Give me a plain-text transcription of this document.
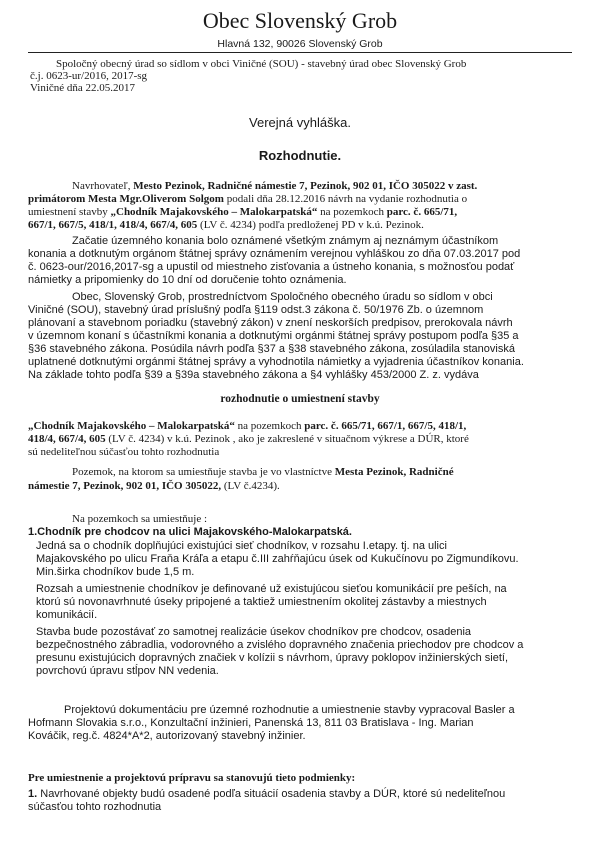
Obec Slovenský Grob
Hlavná 132, 90026 Slovenský Grob
Spoločný obecný úrad so sídlom v obci Viničné (SOU) - stavebný úrad obec Slovenský Grob
č.j. 0623-ur/2016, 2017-sg
Viničné dňa 22.05.2017
Verejná vyhláška.
Rozhodnutie.
Navrhovateľ, Mesto Pezinok, Radničné námestie 7, Pezinok, 902 01, IČO 305022 v zast.
primátorom Mesta Mgr.Oliverom Solgom podali dňa 28.12.2016 návrh na vydanie rozhodnutia o
umiestnení stavby „Chodník Majakovského – Malokarpatská“ na pozemkoch parc. č. 665/71,
667/1, 667/5, 418/1, 418/4, 667/4, 605 (LV č. 4234) podľa predloženej PD v k.ú. Pezinok.
Začatie územného konania bolo oznámené všetkým známym aj neznámym účastníkom
konania a dotknutým orgánom štátnej správy oznámením verejnou vyhláškou zo dňa 07.03.2017 pod
č. 0623-our/2016,2017-sg a upustil od miestneho zisťovania a ústneho konania, s možnosťou podať
námietky a pripomienky do 10 dní od doručenie tohto oznámenia.
Obec, Slovenský Grob, prostredníctvom Spoločného obecného úradu so sídlom v obci
Viničné (SOU), stavebný úrad príslušný podľa §119 odst.3 zákona č. 50/1976 Zb. o územnom
plánovaní a stavebnom poriadku (stavebný zákon) v znení neskorších predpisov, prerokovala návrh
v územnom konaní s účastníkmi konania a dotknutými orgánmi štátnej správy postupom podľa §35 a
§36 stavebného zákona. Posúdila návrh podľa §37 a §38 stavebného zákona, zosúladila stanoviská
uplatnené dotknutými orgánmi štátnej správy a vyhodnotila námietky a vyjadrenia účastníkov konania.
Na základe tohto podľa §39 a §39a stavebného zákona a §4 vyhlášky 453/2000 Z. z. vydáva
rozhodnutie o umiestnení stavby
„Chodník Majakovského – Malokarpatská“ na pozemkoch parc. č. 665/71, 667/1, 667/5, 418/1,
418/4, 667/4, 605 (LV č. 4234) v k.ú. Pezinok , ako je zakreslené v situačnom výkrese a DÚR, ktoré
sú nedeliteľnou súčasťou tohto rozhodnutia
Pozemok, na ktorom sa umiestňuje stavba je vo vlastníctve Mesta Pezinok, Radničné
námestie 7, Pezinok, 902 01, IČO 305022, (LV č.4234).
Na pozemkoch sa umiestňuje :
1.Chodník pre chodcov na ulici Majakovského-Malokarpatská.
Jedná sa o chodník doplňujúci existujúci sieť chodníkov, v rozsahu I.etapy. tj. na ulici
Majakovského po ulicu Fraňa Kráľa a etapu č.III zahŕňajúcu úsek od Kukučínovu po Zigmundíkovu.
Min.širka chodníkov bude 1,5 m.
Rozsah a umiestnenie chodníkov je definované už existujúcou sieťou komunikácií pre peších, na
ktorú sú novonavrhnuté úseky pripojené a taktiež umiestnením okolitej zástavby a miestnych
komunikácií.
Stavba bude pozostávať zo samotnej realizácie úsekov chodníkov pre chodcov, osadenia
bezpečnostného zábradlia, vodorovného a zvislého dopravného značenia priechodov pre chodcov a
presunu existujúcich dopravných značiek v kolízii s návrhom, úpravy poklopov inžinierských sietí,
povrchovú úpravu stĺpov NN vedenia.
Projektovú dokumentáciu pre územné rozhodnutie a umiestnenie stavby vypracoval Basler a
Hofmann Slovakia s.r.o., Konzultační inžinieri, Panenská 13, 811 03 Bratislava - Ing. Marian
Kováčik, reg.č. 4824*A*2, autorizovaný stavebný inžinier.
Pre umiestnenie a projektovú prípravu sa stanovujú tieto podmienky:
1. Navrhované objekty budú osadené podľa situácií osadenia stavby a DÚR, ktoré sú nedeliteľnou
súčasťou tohto rozhodnutia
